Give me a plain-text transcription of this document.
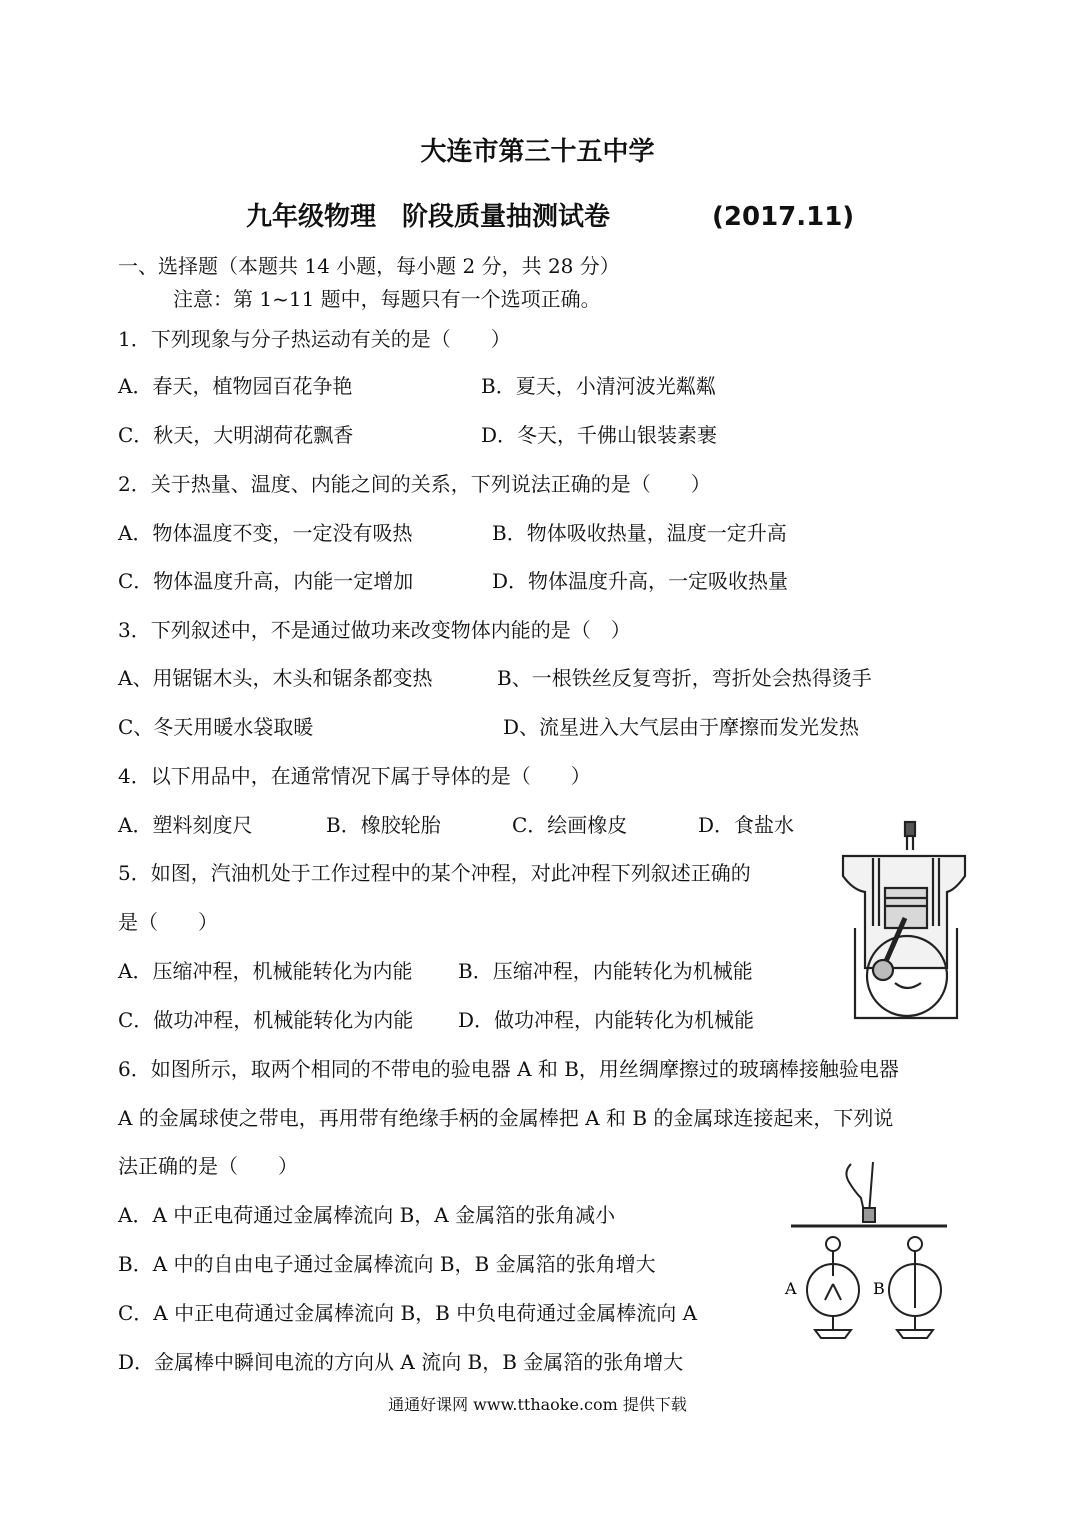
大连市第三十五中学
九年级物理　阶段质量抽测试卷	(2017.11)
一、选择题（本题共 14 小题，每小题 2 分，共 28 分）
注意：第 1~11 题中，每题只有一个选项正确。
1．下列现象与分子热运动有关的是（　　）
A．春天，植物园百花争艳	B．夏天，小清河波光粼粼
C．秋天，大明湖荷花飘香	D．冬天，千佛山银装素裹
2．关于热量、温度、内能之间的关系，下列说法正确的是（　　）
A．物体温度不变，一定没有吸热	B．物体吸收热量，温度一定升高
C．物体温度升高，内能一定增加	D．物体温度升高，一定吸收热量
3．下列叙述中，不是通过做功来改变物体内能的是（　）
A、用锯锯木头，木头和锯条都变热	B、一根铁丝反复弯折，弯折处会热得烫手
C、冬天用暖水袋取暖	D、流星进入大气层由于摩擦而发光发热
4．以下用品中，在通常情况下属于导体的是（　　）
A．塑料刻度尺	B．橡胶轮胎	C．绘画橡皮	D．食盐水
5．如图，汽油机处于工作过程中的某个冲程，对此冲程下列叙述正确的
是（　　）
A．压缩冲程，机械能转化为内能 B．压缩冲程，内能转化为机械能
C．做功冲程，机械能转化为内能 D．做功冲程，内能转化为机械能
6．如图所示，取两个相同的不带电的验电器 A 和 B，用丝绸摩擦过的玻璃棒接触验电器
A 的金属球使之带电，再用带有绝缘手柄的金属棒把 A 和 B 的金属球连接起来，下列说
法正确的是（　　）
A．A 中正电荷通过金属棒流向 B，A 金属箔的张角减小
B．A 中的自由电子通过金属棒流向 B，B 金属箔的张角增大
C．A 中正电荷通过金属棒流向 B，B 中负电荷通过金属棒流向 A
D．金属棒中瞬间电流的方向从 A 流向 B，B 金属箔的张角增大
A	B
通通好课网 www.tthaoke.com 提供下载
